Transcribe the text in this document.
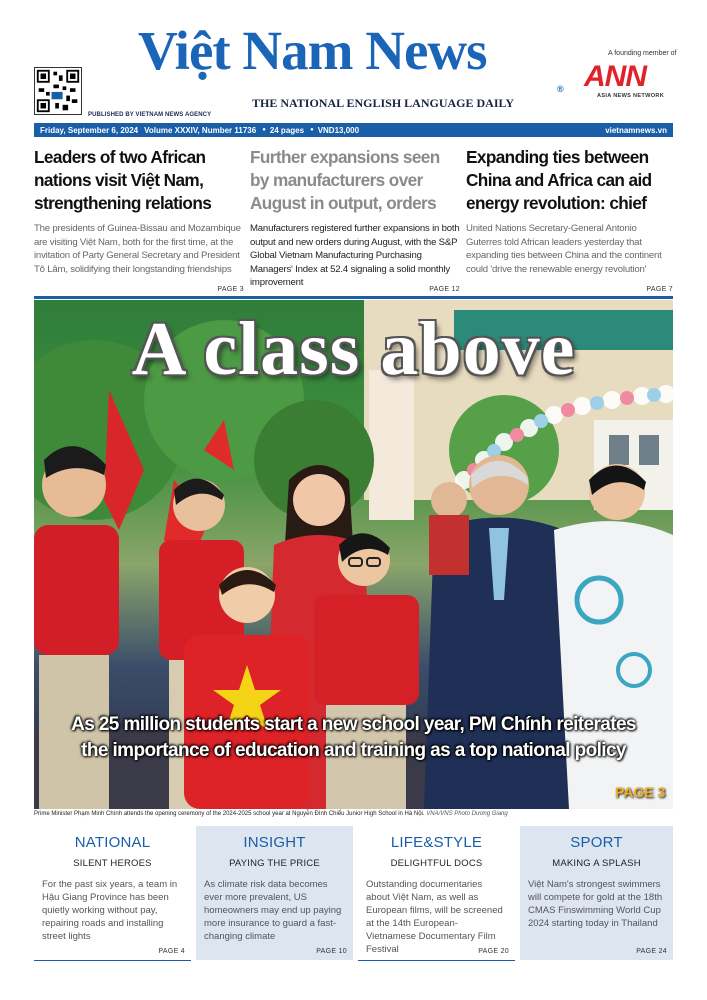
PUBLISHED BY VIETNAM NEWS AGENCY
Việt Nam News
®
THE NATIONAL ENGLISH LANGUAGE DAILY
A founding member of
ANN
ASIA NEWS NETWORK
Friday, September 6, 2024 Volume XXXIV, Number 11736 ● 24 pages ● VND13,000	vietnamnews.vn
Leaders of two African nations visit Việt Nam, strengthening relations

The presidents of Guinea-Bissau and Mozambique are visiting Việt Nam, both for the first time, at the invitation of Party General Secretary and President Tô Lâm, solidifying their longstanding friendships

PAGE 3
Further expansions seen by manufacturers over August in output, orders

Manufacturers registered further expansions in both output and new orders during August, with the S&P Global Vietnam Manufacturing Purchasing Managers' Index at 52.4 signaling a solid monthly improvement

PAGE 12
Expanding ties between China and Africa can aid energy revolution: chief

United Nations Secretary-General Antonio Guterres told African leaders yesterday that expanding ties between China and the continent could 'drive the renewable energy revolution'

PAGE 7
A class above
As 25 million students start a new school year, PM Chính reiterates
the importance of education and training as a top national policy
PAGE 3
Prime Minister Phạm Minh Chính attends the opening ceremony of the 2024-2025 school year at Nguyễn Đình Chiểu Junior High School in Hà Nội. VNA/VNS Photo Dương Giang
NATIONAL
SILENT HEROES
For the past six years, a team in Hậu Giang Province has been quietly working without pay, repairing roads and installing street lights
PAGE 4
INSIGHT
PAYING THE PRICE
As climate risk data becomes ever more prevalent, US homeowners may end up paying more insurance to guard a fast-changing climate
PAGE 10
LIFE&STYLE
DELIGHTFUL DOCS
Outstanding documentaries about Việt Nam, as well as European films, will be screened at the 14th European-Vietnamese Documentary Film Festival	PAGE 20
SPORT
MAKING A SPLASH
Việt Nam's strongest swimmers will compete for gold at the 18th CMAS Finswimming World Cup 2024 starting today in Thailand
PAGE 24
